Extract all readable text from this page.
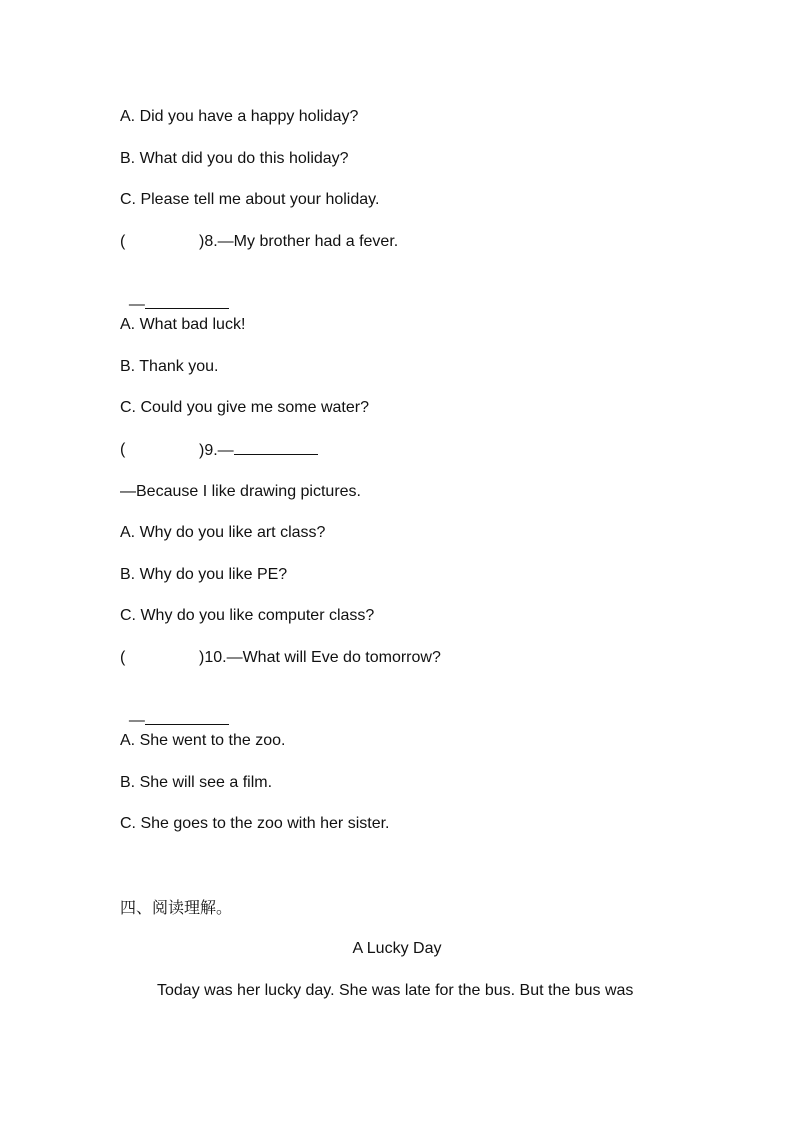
A. Did you have a happy holiday?
B. What did you do this holiday?
C. Please tell me about your holiday.
(	)8.—My brother had a fever.

—

A. What bad luck!
B. Thank you.
C. Could you give me some water?
(	)9.—
—Because I like drawing pictures.
A. Why do you like art class?
B. Why do you like PE?
C. Why do you like computer class?
(	)10.—What will Eve do tomorrow?

—

A. She went to the zoo.
B. She will see a film.
C. She goes to the zoo with her sister.
四、阅读理解。
A Lucky Day
Today was her lucky day. She was late for the bus. But the bus was
